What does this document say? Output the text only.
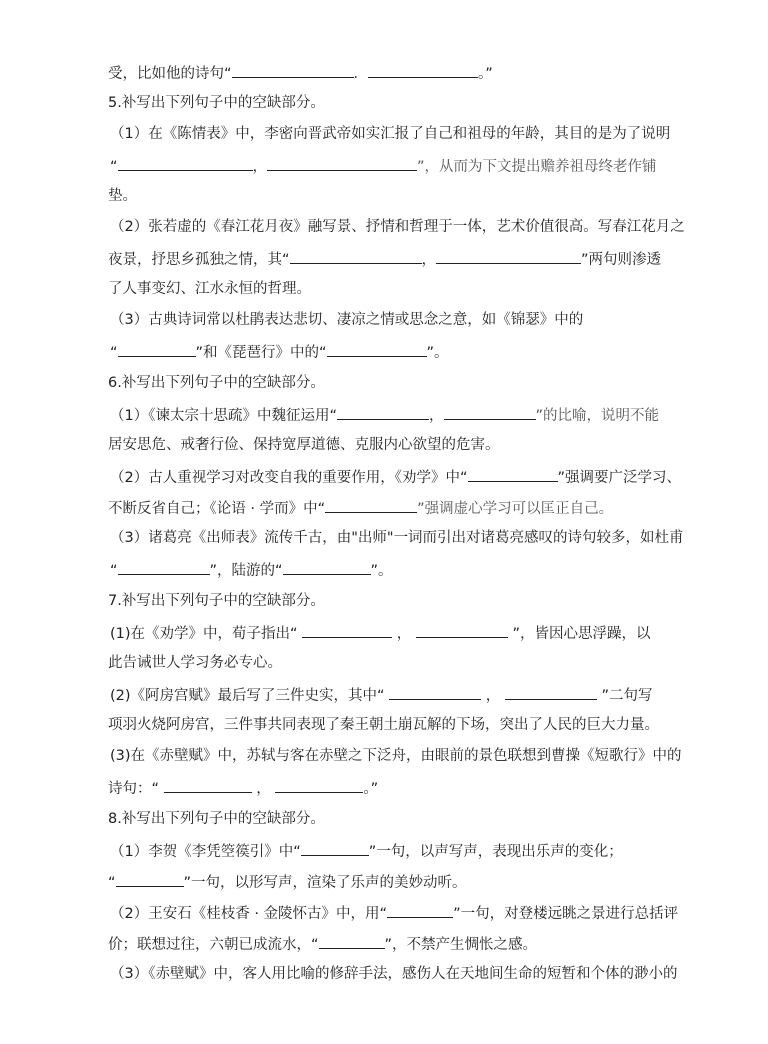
受，比如他的诗句“	．	。”
5.补写出下列句子中的空缺部分。
（1）在《陈情表》中，李密向晋武帝如实汇报了自己和祖母的年龄，其目的是为了说明
“	，	”，从而为下文提出赡养祖母终老作铺
垫。
（2）张若虚的《春江花月夜》融写景、抒情和哲理于一体，艺术价值很高。写春江花月之
夜景，抒思乡孤独之情，其“	，	”两句则渗透
了人事变幻、江水永恒的哲理。
（3）古典诗词常以杜鹃表达悲切、凄凉之情或思念之意，如《锦瑟》中的
“	”和《琵琶行》中的“	”。
6.补写出下列句子中的空缺部分。
（1）《谏太宗十思疏》中魏征运用“	，	”的比喻，说明不能
居安思危、戒奢行俭、保持宽厚道德、克服内心欲望的危害。
（2）古人重视学习对改变自我的重要作用，《劝学》中“	”强调要广泛学习、
不断反省自己；《论语 · 学而》中“	”强调虚心学习可以匡正自己。
（3）诸葛亮《出师表》流传千古，由"出师"一词而引出对诸葛亮感叹的诗句较多，如杜甫
“	”，陆游的“	”。
7.补写出下列句子中的空缺部分。
(1)在《劝学》中，荀子指出“	，	”，皆因心思浮躁，以
此告诫世人学习务必专心。
(2)《阿房宫赋》最后写了三件史实，其中“	，	”二句写
项羽火烧阿房宫，三件事共同表现了秦王朝土崩瓦解的下场，突出了人民的巨大力量。
(3)在《赤壁赋》中，苏轼与客在赤壁之下泛舟，由眼前的景色联想到曹操《短歌行》中的
诗句：“	，	。”
8.补写出下列句子中的空缺部分。
（1）李贺《李凭箜篌引》中“	”一句，以声写声，表现出乐声的变化；
“	”一句，以形写声，渲染了乐声的美妙动听。
（2）王安石《桂枝香 · 金陵怀古》中，用“	”一句，对登楼远眺之景进行总括评
价；联想过往，六朝已成流水，“	”，不禁产生惆怅之感。
（3）《赤壁赋》中，客人用比喻的修辞手法，感伤人在天地间生命的短暂和个体的渺小的
